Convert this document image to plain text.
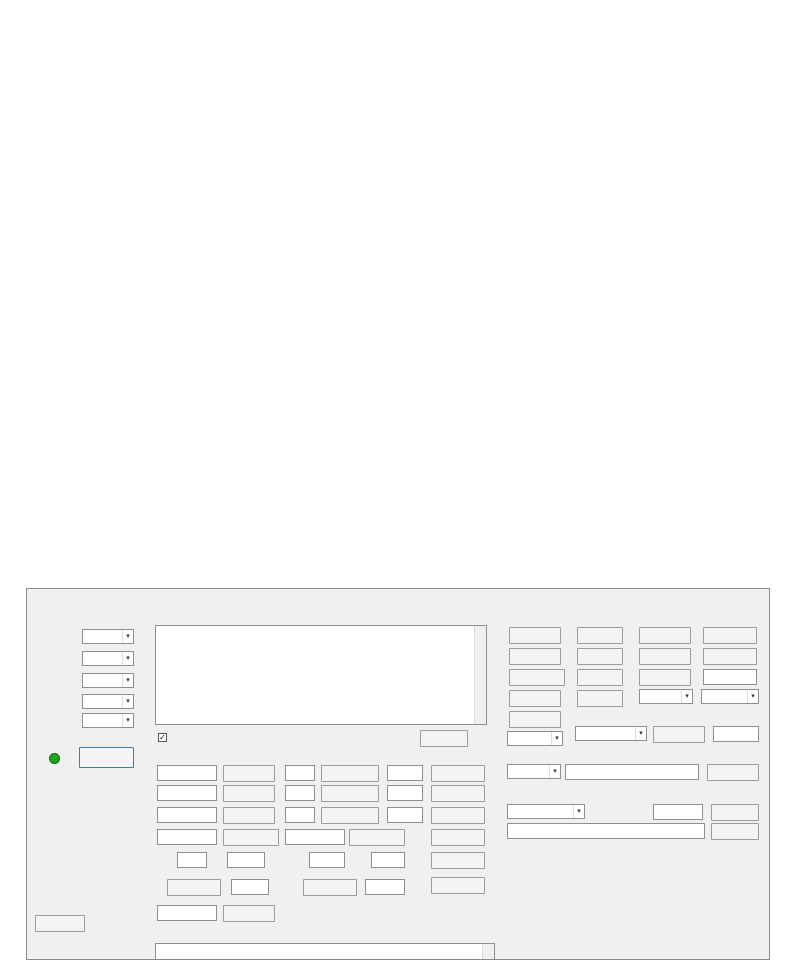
▾
▾
▾
▾
▾
✓	▾
▾	▾
▾
▾
▾
